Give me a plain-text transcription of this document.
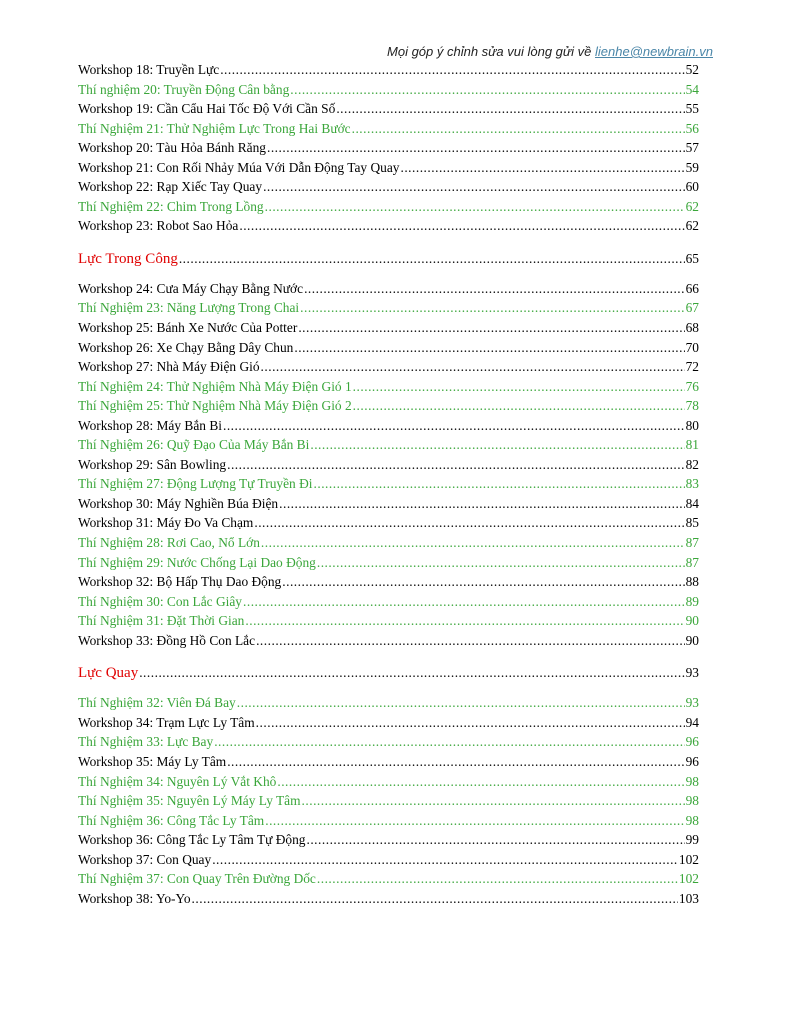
Mọi góp ý chỉnh sửa vui lòng gửi về lienhe@newbrain.vn
Workshop 18: Truyền Lực .....	52
Thí nghiệm 20: Truyền Động Cân bằng .....	54
Workshop 19: Cần Cẩu Hai Tốc Độ Với Cần Số .....	55
Thí Nghiệm 21: Thử Nghiệm Lực Trong Hai Bước .....	56
Workshop 20: Tàu Hỏa Bánh Răng .....	57
Workshop 21: Con Rối Nhảy Múa Với Dẫn Động Tay Quay .....	59
Workshop 22: Rạp Xiếc Tay Quay .....	60
Thí Nghiệm 22: Chim Trong Lồng .....	62
Workshop 23: Robot Sao Hỏa .....	62
Lực Trong Công .....	65
Workshop 24: Cưa Máy Chạy Bằng Nước .....	66
Thí Nghiệm 23: Năng Lượng Trong Chai .....	67
Workshop 25: Bánh Xe Nước Của Potter .....	68
Workshop 26: Xe Chạy Bằng Dây Chun .....	70
Workshop 27: Nhà Máy Điện Gió .....	72
Thí Nghiệm 24: Thử Nghiệm Nhà Máy Điện Gió 1 .....	76
Thí Nghiệm 25: Thử Nghiệm Nhà Máy Điện Gió 2 .....	78
Workshop 28: Máy Bắn Bi .....	80
Thí Nghiệm 26: Quỹ Đạo Của Máy Bắn Bi .....	81
Workshop 29: Sân Bowling .....	82
Thí Nghiệm 27: Động Lượng Tự Truyền Đi .....	83
Workshop 30: Máy Nghiền Búa Điện .....	84
Workshop 31: Máy Đo Va Chạm .....	85
Thí Nghiệm 28: Rơi Cao, Nổ Lớn .....	87
Thí Nghiệm 29: Nước Chống Lại Dao Động .....	87
Workshop 32: Bộ Hấp Thụ Dao Động .....	88
Thí Nghiệm 30: Con Lắc Giây .....	89
Thí Nghiệm 31: Đặt Thời Gian .....	90
Workshop 33: Đồng Hồ Con Lắc .....	90
Lực Quay .....	93
Thí Nghiệm 32: Viên Đá Bay .....	93
Workshop 34: Trạm Lực Ly Tâm .....	94
Thí Nghiệm 33: Lực Bay .....	96
Workshop 35: Máy Ly Tâm .....	96
Thí Nghiệm 34: Nguyên Lý Vắt Khô .....	98
Thí Nghiệm 35: Nguyên Lý Máy Ly Tâm .....	98
Thí Nghiệm 36: Công Tắc Ly Tâm .....	98
Workshop 36: Công Tắc Ly Tâm Tự Động .....	99
Workshop 37: Con Quay .....	102
Thí Nghiệm 37: Con Quay Trên Đường Dốc .....	102
Workshop 38: Yo-Yo .....	103
